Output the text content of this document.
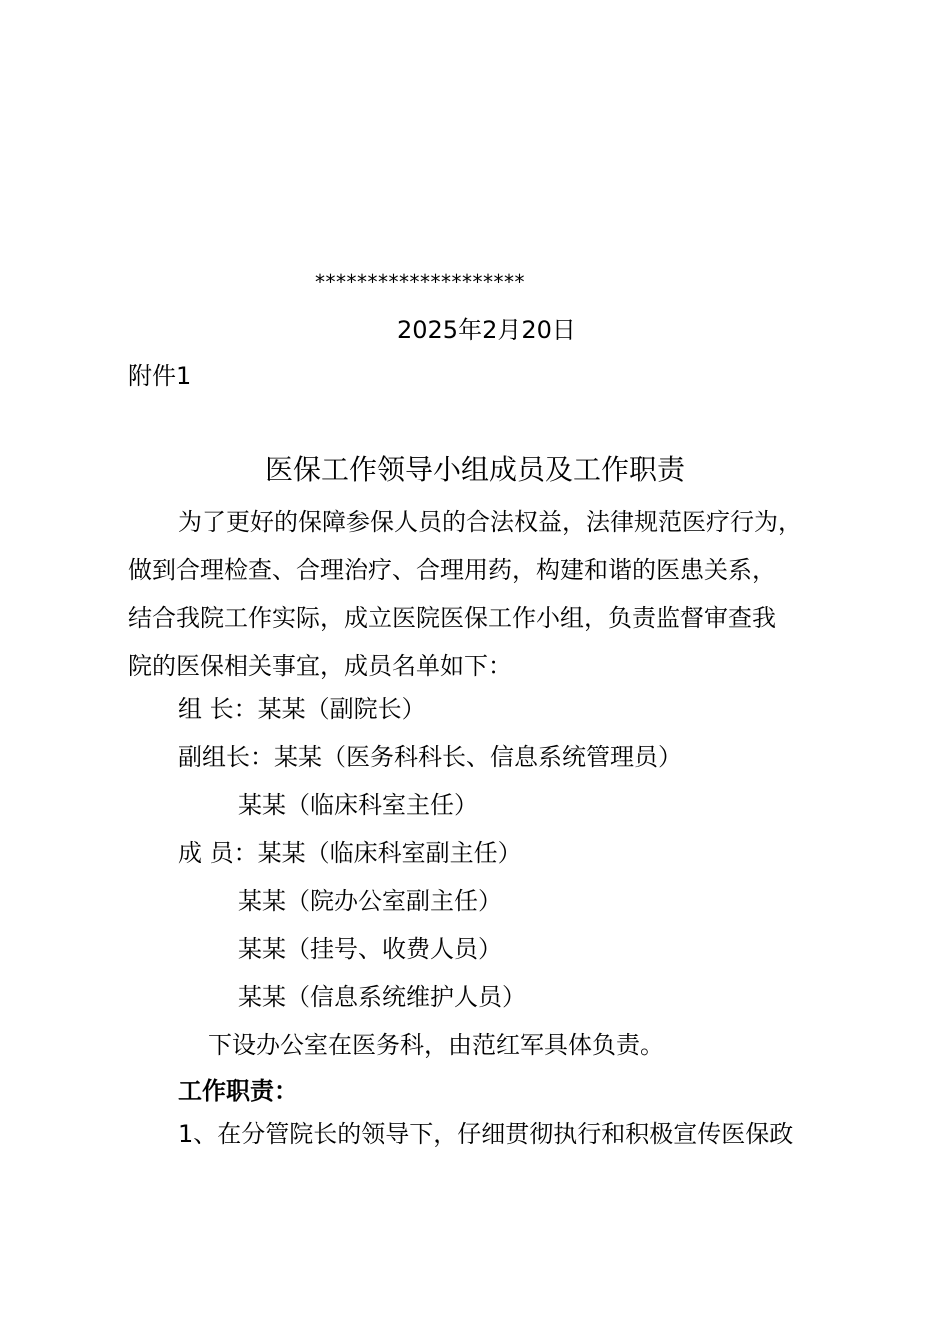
********************
2025年2月20日
附件1
医保工作领导小组成员及工作职责
为了更好的保障参保人员的合法权益，法律规范医疗行为，
做到合理检查、合理治疗、合理用药，构建和谐的医患关系，
结合我院工作实际，成立医院医保工作小组，负责监督审查我
院的医保相关事宜，成员名单如下：
组 长：某某（副院长）
副组长：某某（医务科科长、信息系统管理员）
某某（临床科室主任）
成 员：某某（临床科室副主任）
某某（院办公室副主任）
某某（挂号、收费人员）
某某（信息系统维护人员）
下设办公室在医务科，由范红军具体负责。
工作职责：
1、在分管院长的领导下，仔细贯彻执行和积极宣传医保政
